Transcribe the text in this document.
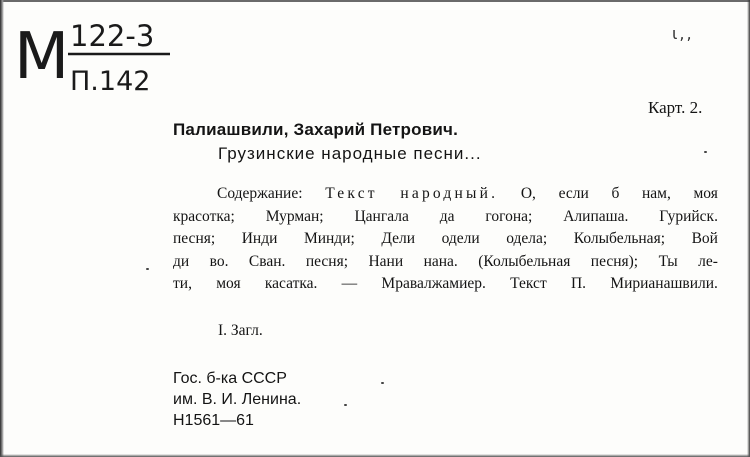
М 122-3
П.142
ι,,
Карт. 2.
Палиашвили, Захарий Петрович.
Грузинские народные песни...
Содержание: Текст народный. О, если б нам, моя
красотка; Мурман; Цангала да гогона; Алипаша. Гурийск.
песня; Инди Минди; Дели одели одела; Колыбельная; Вой
ди во. Сван. песня; Нани нана. (Колыбельная песня); Ты ле-
ти, моя касатка. — Мравалжамиер. Текст П. Мирианашвили.
I. Загл.
Гос. б-ка СССР
им. В. И. Ленина.
Н1561—61
